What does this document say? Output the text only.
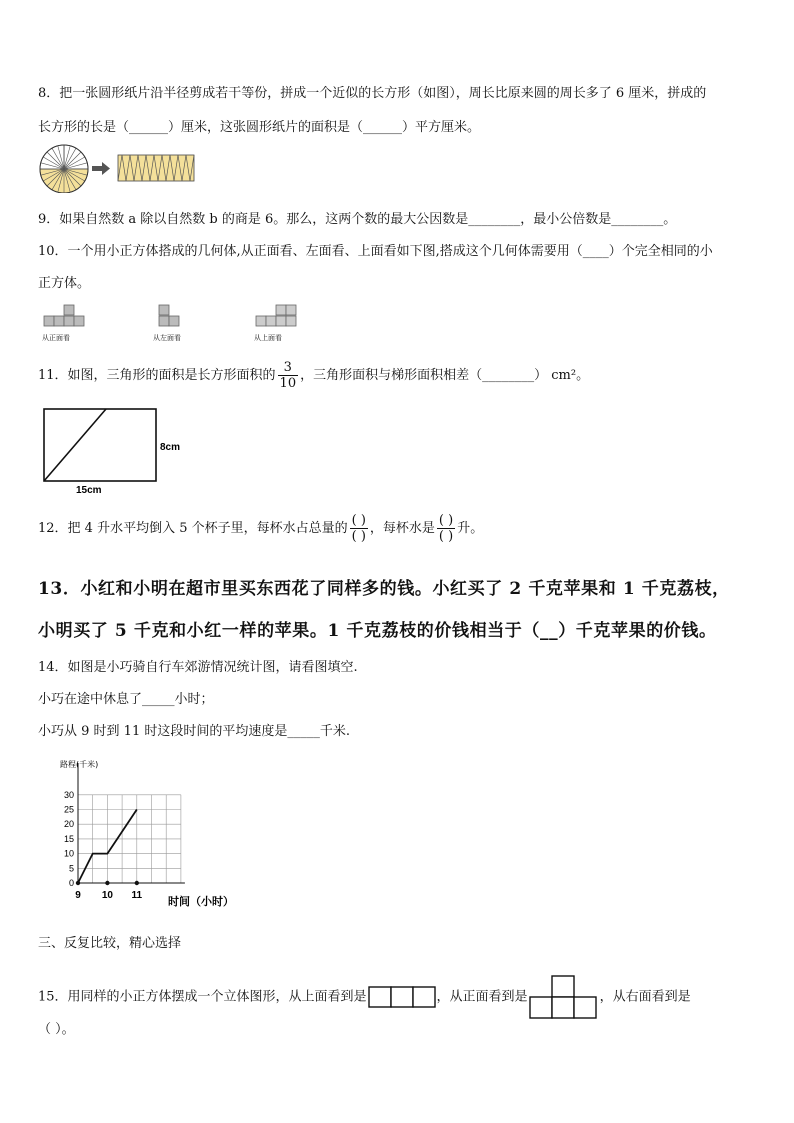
8．把一张圆形纸片沿半径剪成若干等份，拼成一个近似的长方形（如图），周长比原来圆的周长多了 6 厘米，拼成的
长方形的长是（______）厘米，这张圆形纸片的面积是（______）平方厘米。
9．如果自然数 a 除以自然数 b 的商是 6。那么，这两个数的最大公因数是________，最小公倍数是________。
10．一个用小正方体搭成的几何体,从正面看、左面看、上面看如下图,搭成这个几何体需要用（____）个完全相同的小
正方体。
从正面看	从左面看	从上面看
11．如图，三角形的面积是长方形面积的 $\frac{3}{10}$ ，三角形面积与梯形面积相差（________） cm²。
8cm
15cm
12．把 4 升水平均倒入 5 个杯子里，每杯水占总量的 $\frac{( )}{( )}$ ，每杯水是 $\frac{( )}{( )}$ 升。
13．小红和小明在超市里买东西花了同样多的钱。小红买了 2 千克苹果和 1 千克荔枝，
小明买了 5 千克和小红一样的苹果。1 千克荔枝的价钱相当于（__）千克苹果的价钱。
14．如图是小巧骑自行车郊游情况统计图，请看图填空.
小巧在途中休息了_____小时；
小巧从 9 时到 11 时这段时间的平均速度是_____千米.
0
5
10
15
20
25
30
9 10 11
路程(千米)
时间（小时）
三、反复比较，精心选择
15．用同样的小正方体摆成一个立体图形，从上面看到是	，从正面看到是	，从右面看到是
（ ）。
